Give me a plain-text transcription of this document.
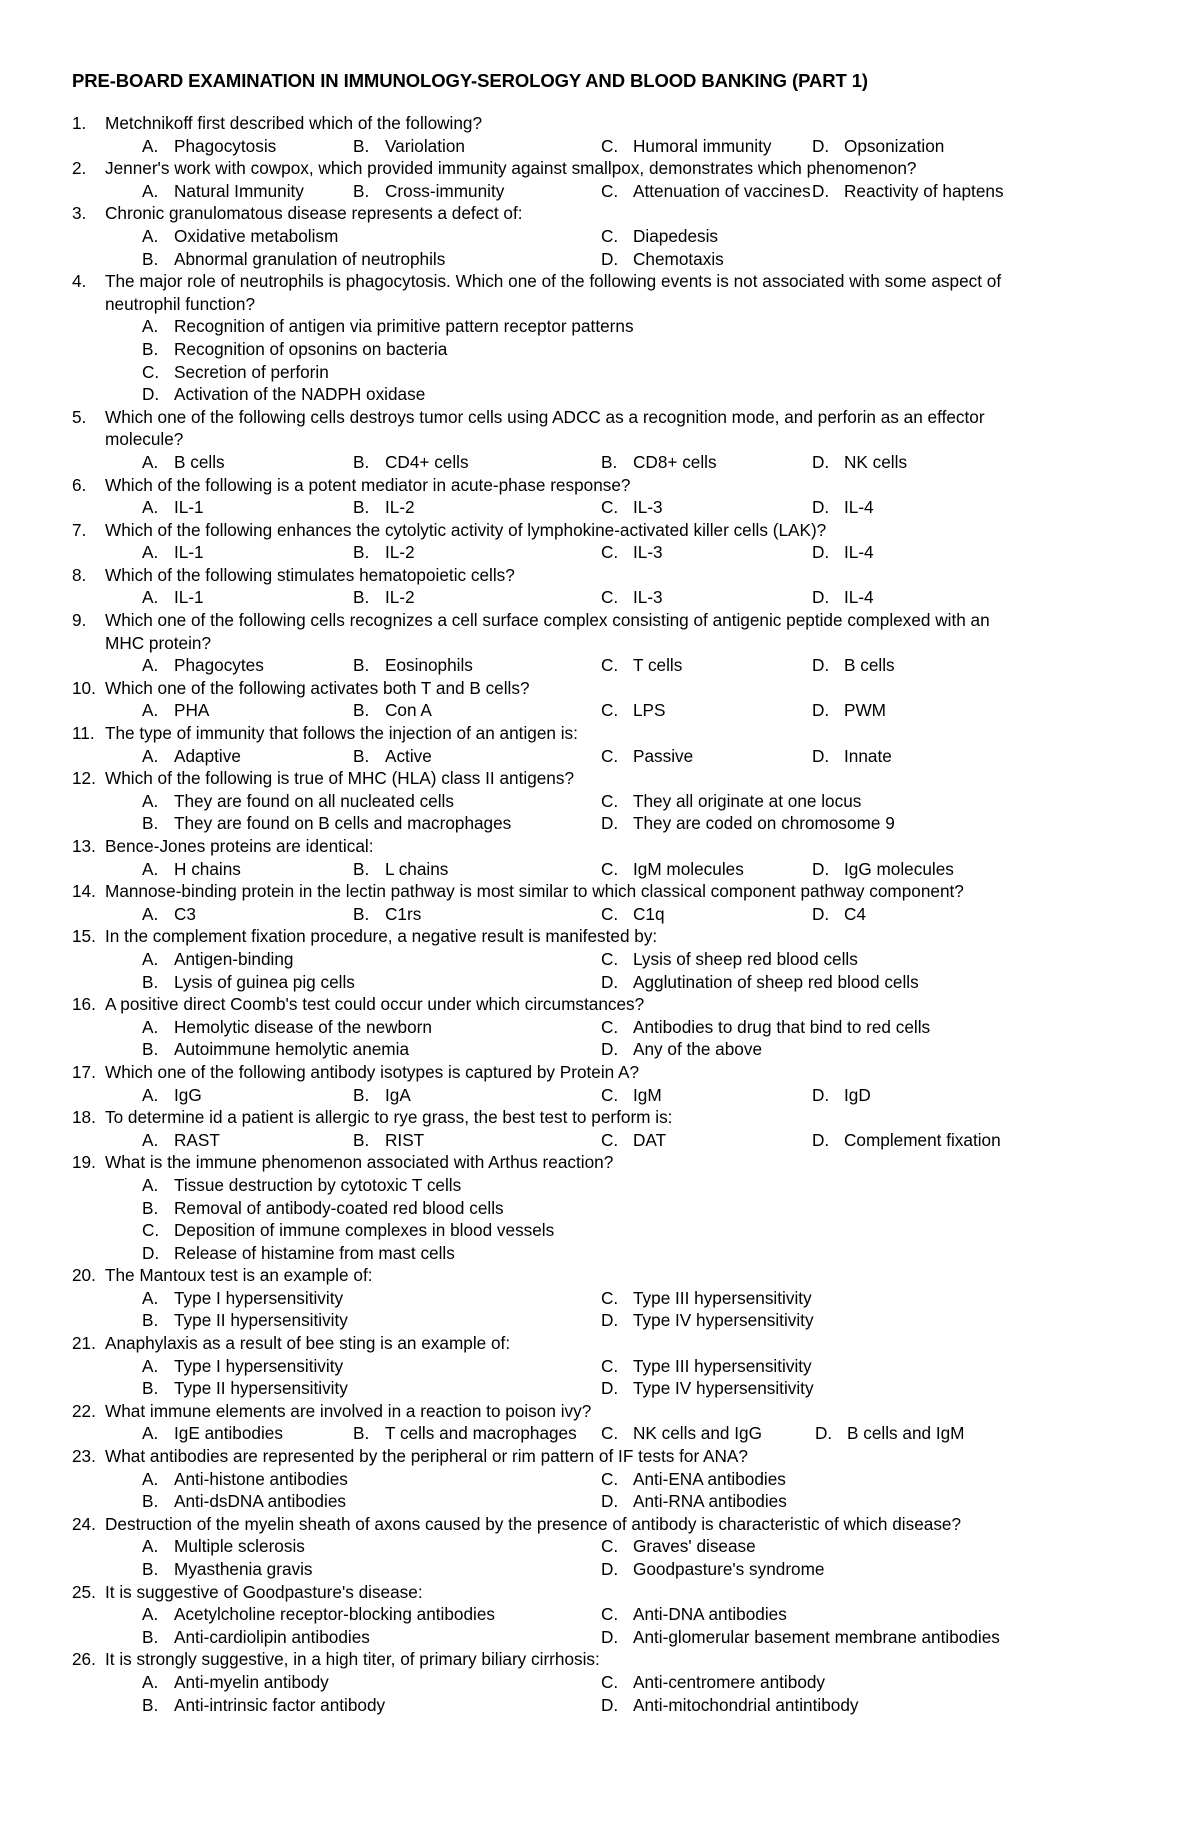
PRE-BOARD EXAMINATION IN IMMUNOLOGY-SEROLOGY AND BLOOD BANKING (PART 1)
1.	Metchnikoff first described which of the following?
A. Phagocytosis	B. Variolation	C. Humoral immunity D. Opsonization
2.	Jenner's work with cowpox, which provided immunity against smallpox, demonstrates which phenomenon?
A. Natural Immunity	B. Cross-immunity	C. Attenuation of vaccines D. Reactivity of haptens
3.	Chronic granulomatous disease represents a defect of:
A. Oxidative metabolism	C. Diapedesis
B. Abnormal granulation of neutrophils	D. Chemotaxis
4.	The major role of neutrophils is phagocytosis. Which one of the following events is not associated with some aspect of
neutrophil function?
A. Recognition of antigen via primitive pattern receptor patterns
B. Recognition of opsonins on bacteria
C. Secretion of perforin
D. Activation of the NADPH oxidase
5.	Which one of the following cells destroys tumor cells using ADCC as a recognition mode, and perforin as an effector
molecule?
A. B cells	B. CD4+ cells	B. CD8+ cells	D. NK cells
6.	Which of the following is a potent mediator in acute-phase response?
A. IL-1	B. IL-2	C. IL-3	D. IL-4
7.	Which of the following enhances the cytolytic activity of lymphokine-activated killer cells (LAK)?
A. IL-1	B. IL-2	C. IL-3	D. IL-4
8.	Which of the following stimulates hematopoietic cells?
A. IL-1	B. IL-2	C. IL-3	D. IL-4
9.	Which one of the following cells recognizes a cell surface complex consisting of antigenic peptide complexed with an
MHC protein?
A. Phagocytes	B. Eosinophils	C. T cells	D. B cells
10. Which one of the following activates both T and B cells?
A. PHA	B. Con A	C. LPS	D. PWM
11. The type of immunity that follows the injection of an antigen is:
A. Adaptive	B. Active	C. Passive	D. Innate
12. Which of the following is true of MHC (HLA) class II antigens?
A. They are found on all nucleated cells	C. They all originate at one locus
B. They are found on B cells and macrophages	D. They are coded on chromosome 9
13. Bence-Jones proteins are identical:
A. H chains	B. L chains	C. IgM molecules	D. IgG molecules
14. Mannose-binding protein in the lectin pathway is most similar to which classical component pathway component?
A. C3	B. C1rs	C. C1q	D. C4
15. In the complement fixation procedure, a negative result is manifested by:
A. Antigen-binding	C. Lysis of sheep red blood cells
B. Lysis of guinea pig cells	D. Agglutination of sheep red blood cells
16. A positive direct Coomb's test could occur under which circumstances?
A. Hemolytic disease of the newborn	C. Antibodies to drug that bind to red cells
B. Autoimmune hemolytic anemia	D. Any of the above
17. Which one of the following antibody isotypes is captured by Protein A?
A. IgG	B. IgA	C. IgM	D. IgD
18. To determine id a patient is allergic to rye grass, the best test to perform is:
A. RAST	B. RIST	C. DAT	D. Complement fixation
19. What is the immune phenomenon associated with Arthus reaction?
A. Tissue destruction by cytotoxic T cells
B. Removal of antibody-coated red blood cells
C. Deposition of immune complexes in blood vessels
D. Release of histamine from mast cells
20. The Mantoux test is an example of:
A. Type I hypersensitivity	C. Type III hypersensitivity
B. Type II hypersensitivity	D. Type IV hypersensitivity
21. Anaphylaxis as a result of bee sting is an example of:
A. Type I hypersensitivity	C. Type III hypersensitivity
B. Type II hypersensitivity	D. Type IV hypersensitivity
22. What immune elements are involved in a reaction to poison ivy?
A. IgE antibodies	B. T cells and macrophages C. NK cells and IgG	D. B cells and IgM
23. What antibodies are represented by the peripheral or rim pattern of IF tests for ANA?
A. Anti-histone antibodies	C. Anti-ENA antibodies
B. Anti-dsDNA antibodies	D. Anti-RNA antibodies
24. Destruction of the myelin sheath of axons caused by the presence of antibody is characteristic of which disease?
A. Multiple sclerosis	C. Graves' disease
B. Myasthenia gravis	D. Goodpasture's syndrome
25. It is suggestive of Goodpasture's disease:
A. Acetylcholine receptor-blocking antibodies	C. Anti-DNA antibodies
B. Anti-cardiolipin antibodies	D. Anti-glomerular basement membrane antibodies
26. It is strongly suggestive, in a high titer, of primary biliary cirrhosis:
A. Anti-myelin antibody	C. Anti-centromere antibody
B. Anti-intrinsic factor antibody	D. Anti-mitochondrial antintibody
